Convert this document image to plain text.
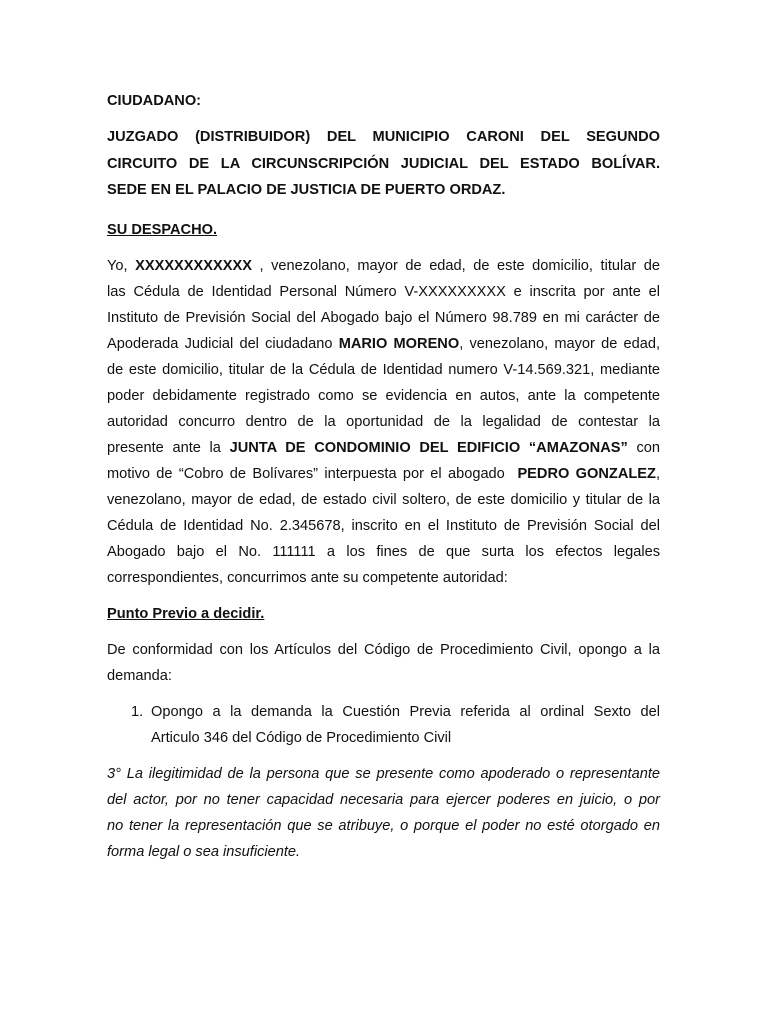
CIUDADANO:

JUZGADO (DISTRIBUIDOR) DEL MUNICIPIO CARONI DEL SEGUNDO
CIRCUITO DE LA CIRCUNSCRIPCIÓN JUDICIAL DEL ESTADO BOLÍVAR.
SEDE EN EL PALACIO DE JUSTICIA DE PUERTO ORDAZ.

SU DESPACHO.

Yo, XXXXXXXXXXXX , venezolano, mayor de edad, de este domicilio, titular de
las Cédula de Identidad Personal Número V-XXXXXXXXX e inscrita por ante el
Instituto de Previsión Social del Abogado bajo el Número 98.789 en mi carácter de
Apoderada Judicial del ciudadano MARIO MORENO, venezolano, mayor de edad,
de este domicilio, titular de la Cédula de Identidad numero V-14.569.321, mediante
poder debidamente registrado como se evidencia en autos, ante la competente
autoridad concurro dentro de la oportunidad de la legalidad de contestar la
presente ante la JUNTA DE CONDOMINIO DEL EDIFICIO “AMAZONAS” con
motivo de “Cobro de Bolívares” interpuesta por el abogado PEDRO GONZALEZ,
venezolano, mayor de edad, de estado civil soltero, de este domicilio y titular de la
Cédula de Identidad No. 2.345678, inscrito en el Instituto de Previsión Social del
Abogado bajo el No. 111111 a los fines de que surta los efectos legales
correspondientes, concurrimos ante su competente autoridad:

Punto Previo a decidir.

De conformidad con los Artículos del Código de Procedimiento Civil, opongo a la
demanda:
1. Opongo a la demanda la Cuestión Previa referida al ordinal Sexto del
Articulo 346 del Código de Procedimiento Civil
3° La ilegitimidad de la persona que se presente como apoderado o representante
del actor, por no tener capacidad necesaria para ejercer poderes en juicio, o por
no tener la representación que se atribuye, o porque el poder no esté otorgado en
forma legal o sea insuficiente.
